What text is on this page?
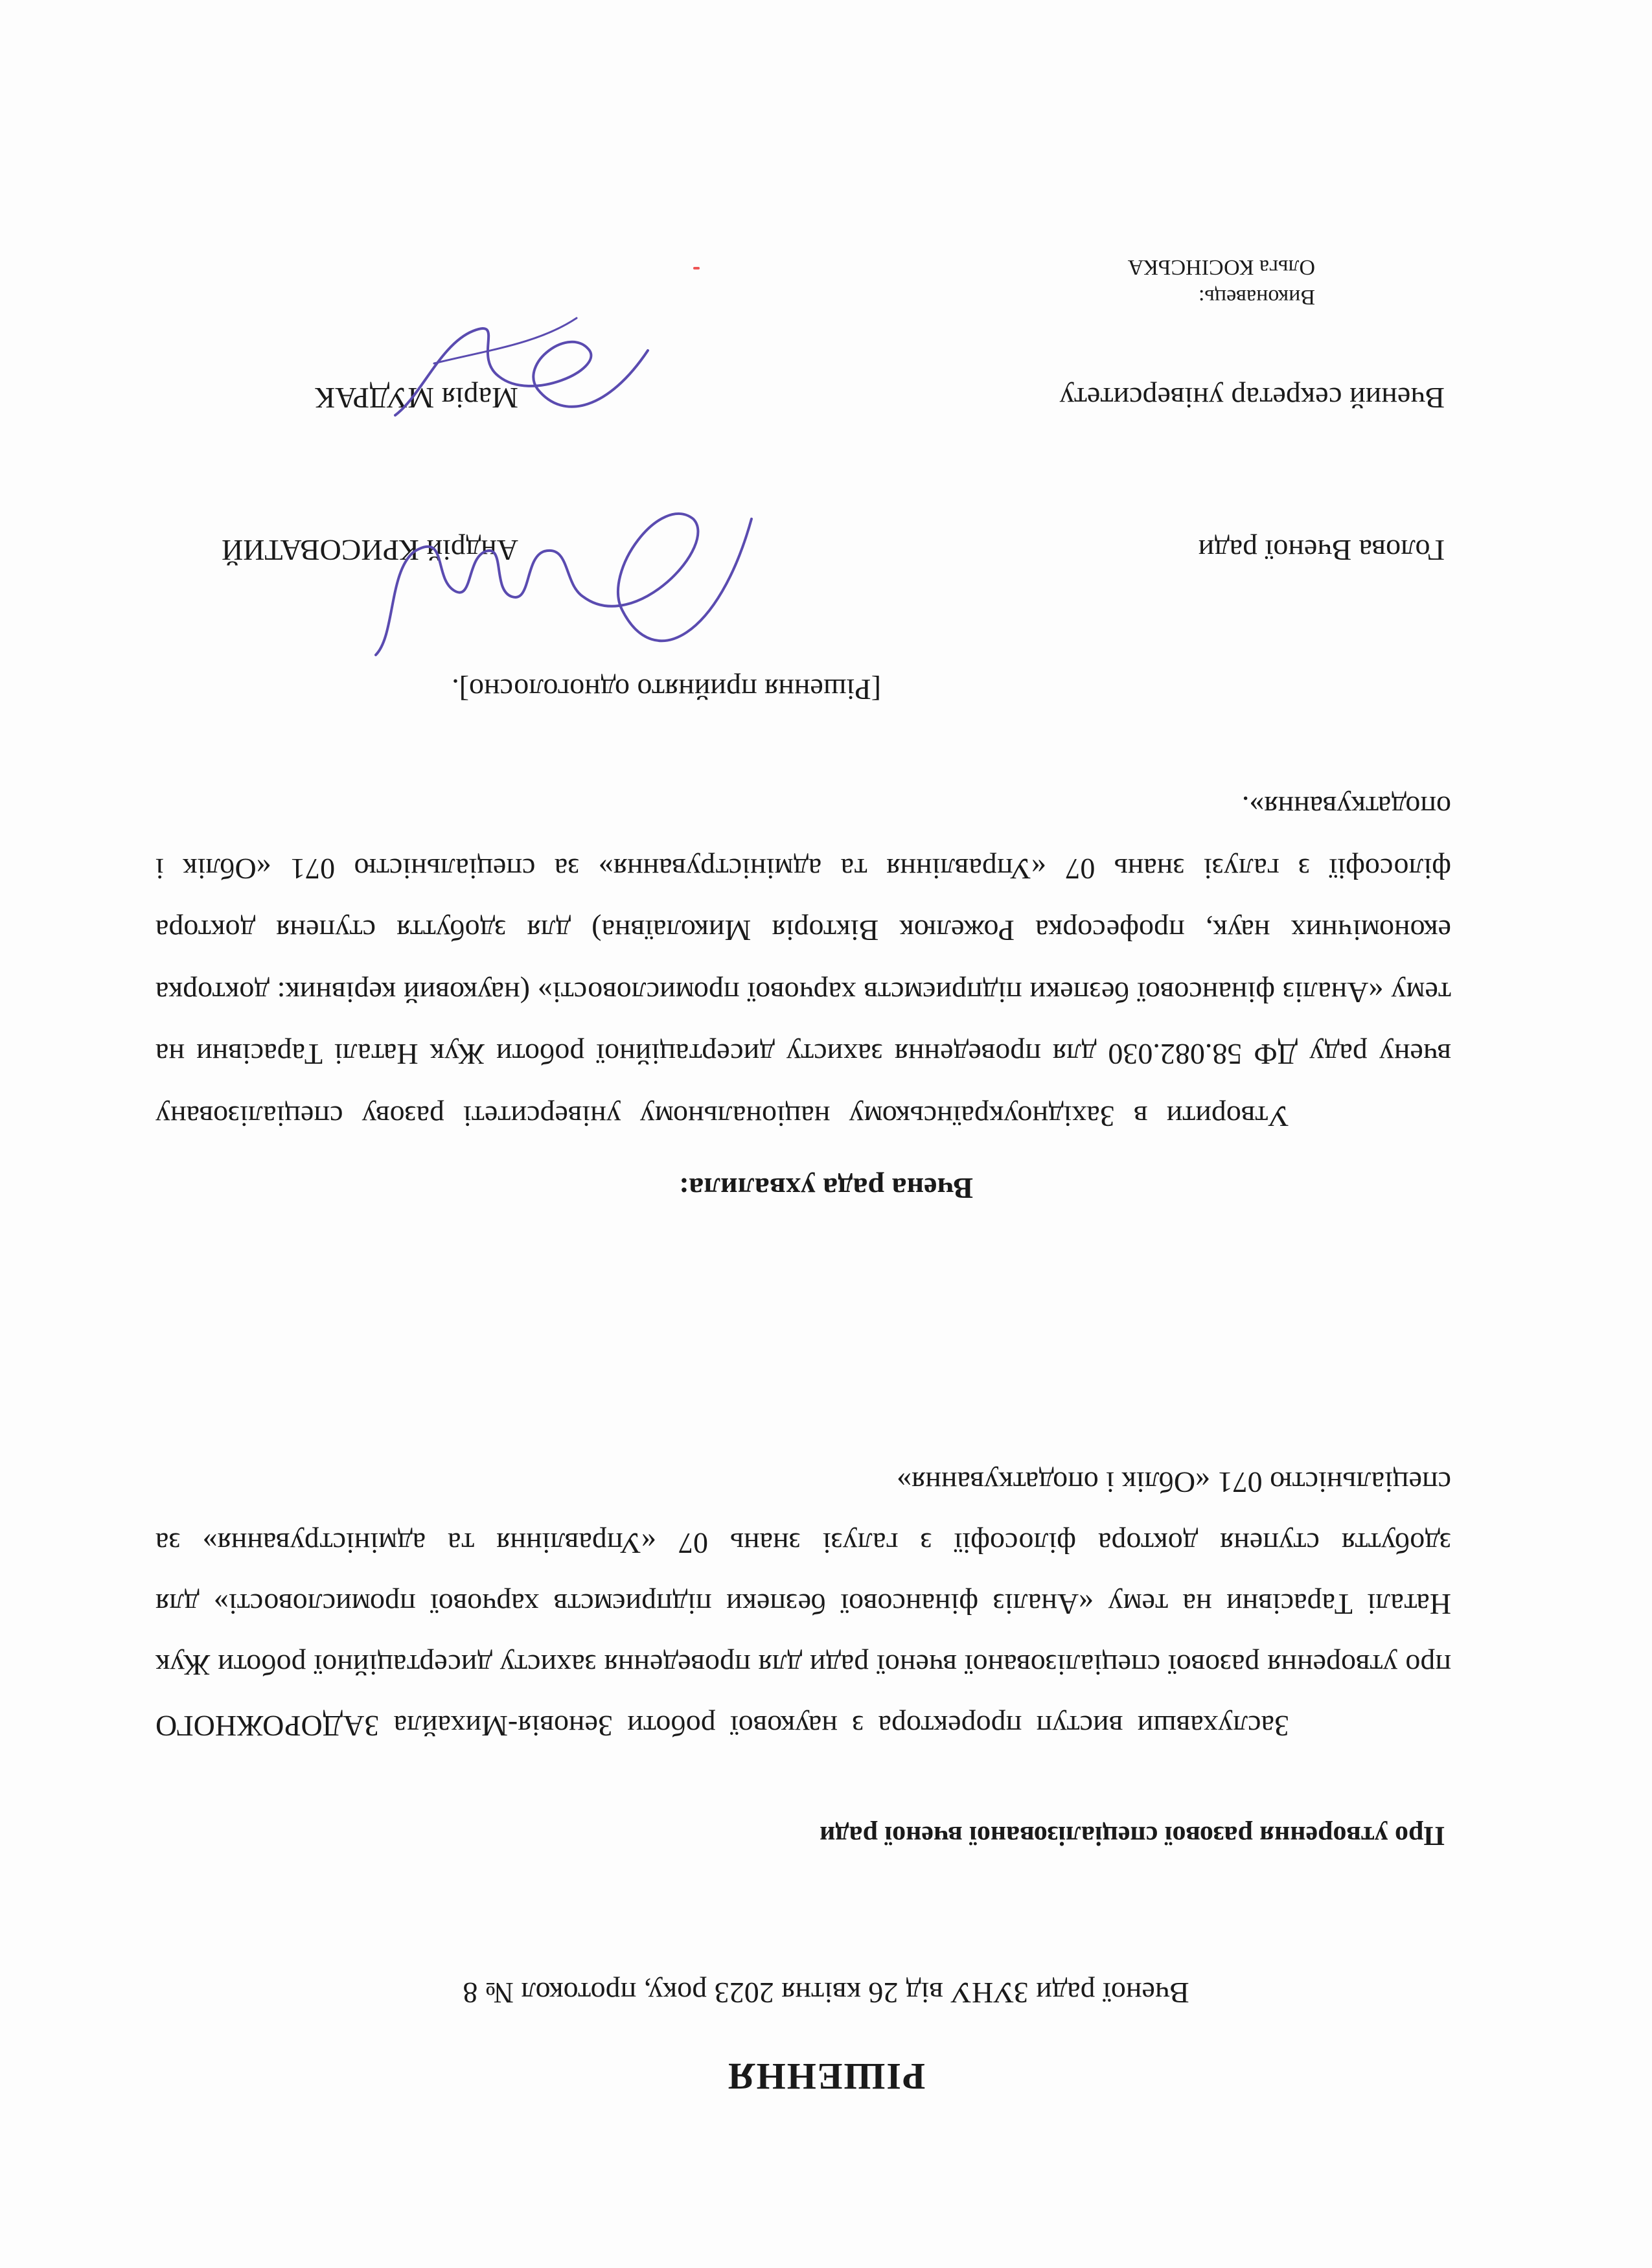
РІШЕННЯ
Вченої ради ЗУНУ від 26 квітня 2023 року, протокол № 8
Про утворення разової спеціалізованої вченої ради
Заслухавши виступ проректора з наукової роботи Зеновія-Михайла ЗАДОРОЖНОГО про утворення разової спеціалізованої вченої ради для проведення захисту дисертаційної роботи Жук Наталі Тарасівни на тему «Аналіз фінансової безпеки підприємств харчової промисловості» для здобуття ступеня доктора філософії з галузі знань 07 «Управління та адміністрування» за спеціальністю 071 «Облік і оподаткування»
Вчена рада ухвалила:
Утворити в Західноукраїнському національному університеті разову спеціалізовану вчену раду ДФ 58.082.030 для проведення захисту дисертаційної роботи Жук Наталі Тарасівни на тему «Аналіз фінансової безпеки підприємств харчової промисловості» (науковий керівник: докторка економічних наук, професорка Рожелюк Вікторія Миколаївна) для здобуття ступеня доктора філософії з галузі знань 07 «Управління та адміністрування» за спеціальністю 071 «Облік і оподаткування».
[Рішення прийнято одноголосно].
Голова Вченої ради
Андрій КРИСОВАТИЙ
Вчений секретар університету
Марія МУДРАК
Виконавець:
Ольга КОСІНСЬКА
